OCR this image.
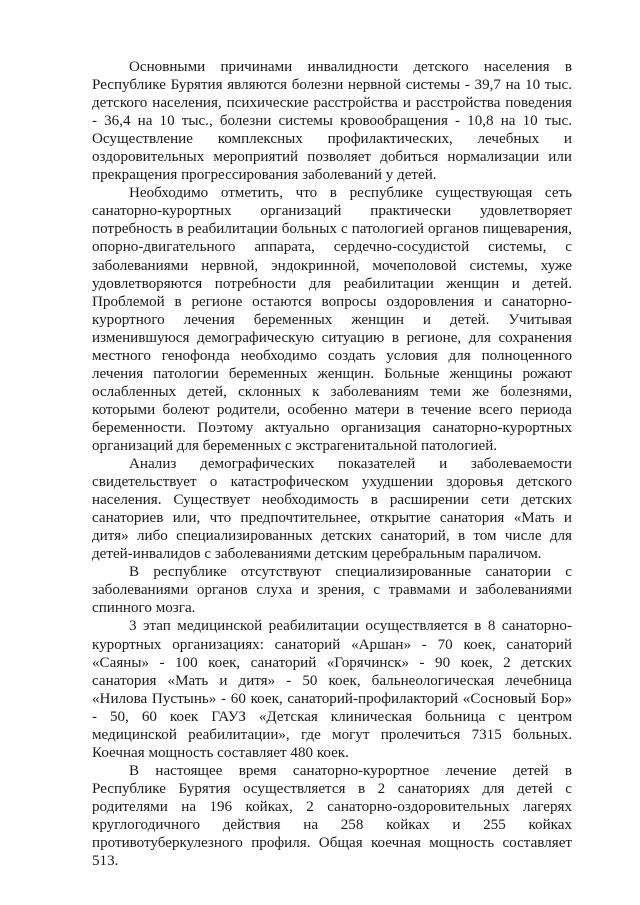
Основными причинами инвалидности детского населения в Республике Бурятия являются болезни нервной системы - 39,7 на 10 тыс. детского населения, психические расстройства и расстройства поведения - 36,4 на 10 тыс., болезни системы кровообращения - 10,8 на 10 тыс. Осуществление комплексных профилактических, лечебных и оздоровительных мероприятий позволяет добиться нормализации или прекращения прогрессирования заболеваний у детей.

Необходимо отметить, что в республике существующая сеть санаторно-курортных организаций практически удовлетворяет потребность в реабилитации больных с патологией органов пищеварения, опорно-двигательного аппарата, сердечно-сосудистой системы, с заболеваниями нервной, эндокринной, мочеполовой системы, хуже удовлетворяются потребности для реабилитации женщин и детей. Проблемой в регионе остаются вопросы оздоровления и санаторно-курортного лечения беременных женщин и детей. Учитывая изменившуюся демографическую ситуацию в регионе, для сохранения местного генофонда необходимо создать условия для полноценного лечения патологии беременных женщин. Больные женщины рожают ослабленных детей, склонных к заболеваниям теми же болезнями, которыми болеют родители, особенно матери в течение всего периода беременности. Поэтому актуально организация санаторно-курортных организаций для беременных с экстрагенитальной патологией.

Анализ демографических показателей и заболеваемости свидетельствует о катастрофическом ухудшении здоровья детского населения. Существует необходимость в расширении сети детских санаториев или, что предпочтительнее, открытие санатория «Мать и дитя» либо специализированных детских санаторий, в том числе для детей-инвалидов с заболеваниями детским церебральным параличом.

В республике отсутствуют специализированные санатории с заболеваниями органов слуха и зрения, с травмами и заболеваниями спинного мозга.

3 этап медицинской реабилитации осуществляется в 8 санаторно-курортных организациях: санаторий «Аршан» - 70 коек, санаторий «Саяны» - 100 коек, санаторий «Горячинск» - 90 коек, 2 детских санатория «Мать и дитя» - 50 коек, бальнеологическая лечебница «Нилова Пустынь» - 60 коек, санаторий-профилакторий «Сосновый Бор» - 50, 60 коек ГАУЗ «Детская клиническая больница с центром медицинской реабилитации», где могут пролечиться 7315 больных. Коечная мощность составляет 480 коек.

В настоящее время санаторно-курортное лечение детей в Республике Бурятия осуществляется в 2 санаториях для детей с родителями на 196 койках, 2 санаторно-оздоровительных лагерях круглогодичного действия на 258 койках и 255 койках противотуберкулезного профиля. Общая коечная мощность составляет 513.
